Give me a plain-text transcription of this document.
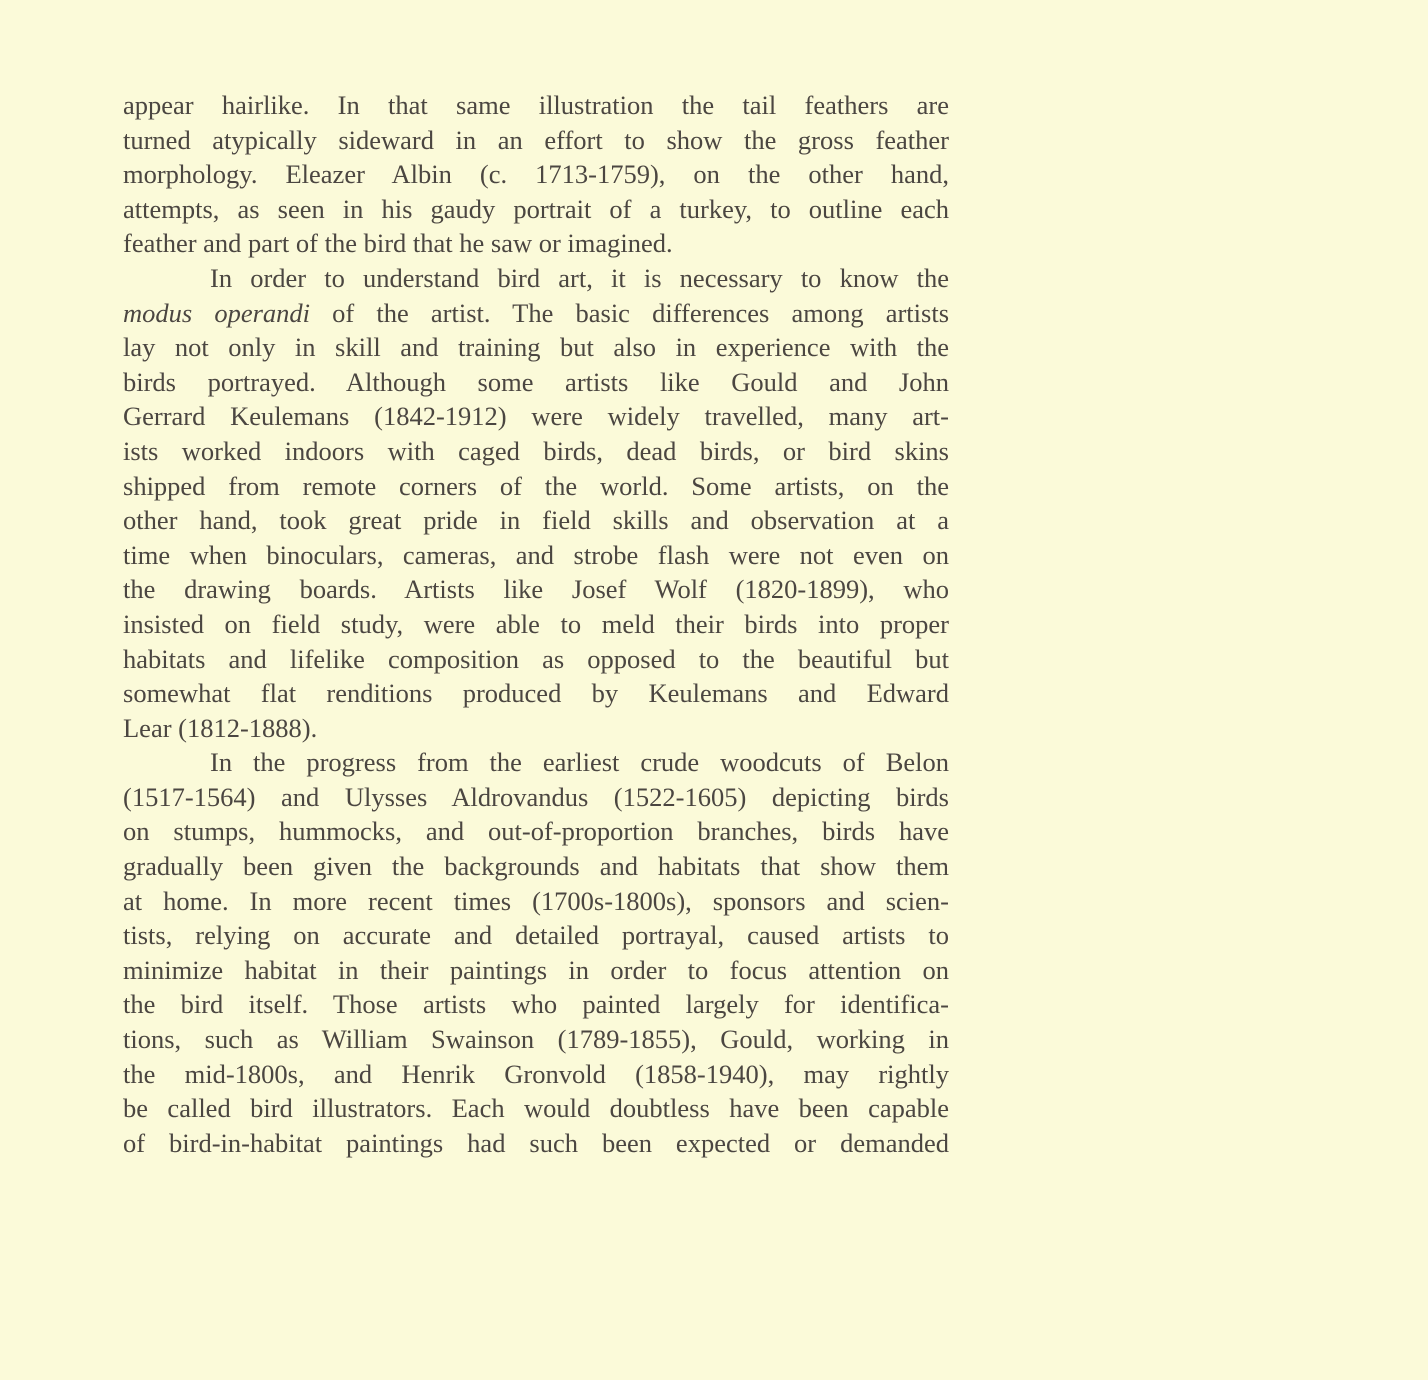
appear hairlike. In that same illustration the tail feathers are
turned atypically sideward in an effort to show the gross feather
morphology. Eleazer Albin (c. 1713-1759), on the other hand,
attempts, as seen in his gaudy portrait of a turkey, to outline each
feather and part of the bird that he saw or imagined.
In order to understand bird art, it is necessary to know the
modus operandi of the artist. The basic differences among artists
lay not only in skill and training but also in experience with the
birds portrayed. Although some artists like Gould and John
Gerrard Keulemans (1842-1912) were widely travelled, many art-
ists worked indoors with caged birds, dead birds, or bird skins
shipped from remote corners of the world. Some artists, on the
other hand, took great pride in field skills and observation at a
time when binoculars, cameras, and strobe flash were not even on
the drawing boards. Artists like Josef Wolf (1820-1899), who
insisted on field study, were able to meld their birds into proper
habitats and lifelike composition as opposed to the beautiful but
somewhat flat renditions produced by Keulemans and Edward
Lear (1812-1888).
In the progress from the earliest crude woodcuts of Belon
(1517-1564) and Ulysses Aldrovandus (1522-1605) depicting birds
on stumps, hummocks, and out-of-proportion branches, birds have
gradually been given the backgrounds and habitats that show them
at home. In more recent times (1700s-1800s), sponsors and scien-
tists, relying on accurate and detailed portrayal, caused artists to
minimize habitat in their paintings in order to focus attention on
the bird itself. Those artists who painted largely for identifica-
tions, such as William Swainson (1789-1855), Gould, working in
the mid-1800s, and Henrik Gronvold (1858-1940), may rightly
be called bird illustrators. Each would doubtless have been capable
of bird-in-habitat paintings had such been expected or demanded
